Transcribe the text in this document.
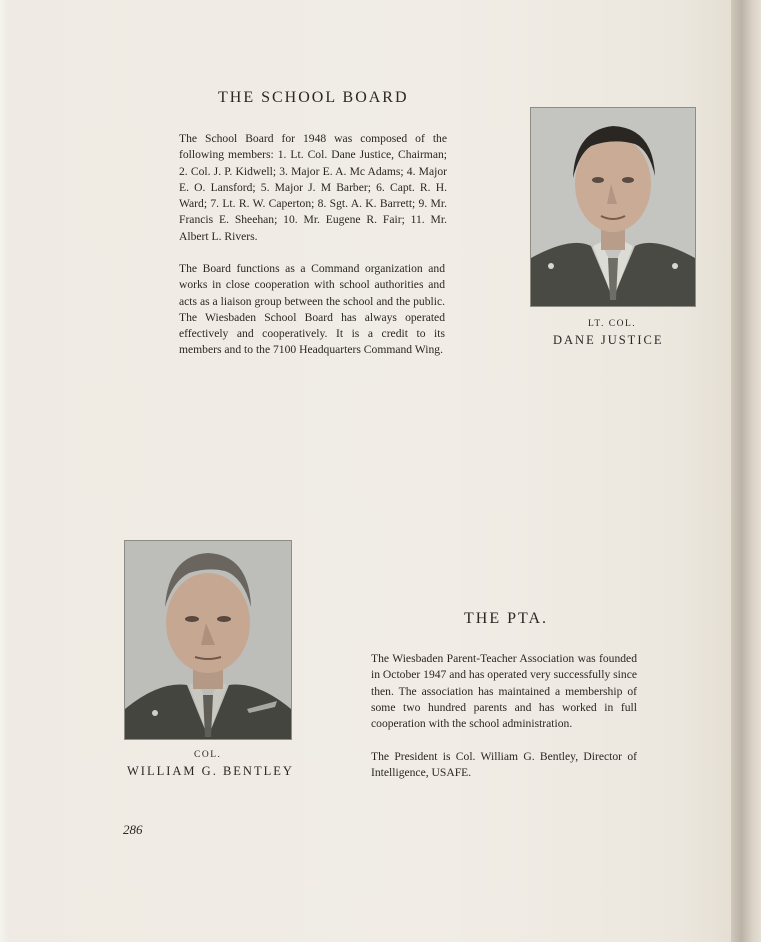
THE SCHOOL BOARD

The School Board for 1948 was composed of the following members: 1. Lt. Col. Dane Justice, Chairman; 2. Col. J. P. Kidwell; 3. Major E. A. Mc Adams; 4. Major E. O. Lansford; 5. Major J. M Barber; 6. Capt. R. H. Ward; 7. Lt. R. W. Caperton; 8. Sgt. A. K. Barrett; 9. Mr. Francis E. Sheehan; 10. Mr. Eugene R. Fair; 11. Mr. Albert L. Rivers.

The Board functions as a Command organization and works in close cooperation with school authorities and acts as a liaison group between the school and the public. The Wiesbaden School Board has always operated effectively and cooperatively. It is a credit to its members and to the 7100 Headquarters Command Wing.

LT. COL.
DANE JUSTICE
COL.
WILLIAM G. BENTLEY
THE PTA.

The Wiesbaden Parent-Teacher Association was founded in October 1947 and has operated very successfully since then. The association has maintained a membership of some two hundred parents and has worked in full cooperation with the school administration.

The President is Col. William G. Bentley, Director of Intelligence, USAFE.

286
